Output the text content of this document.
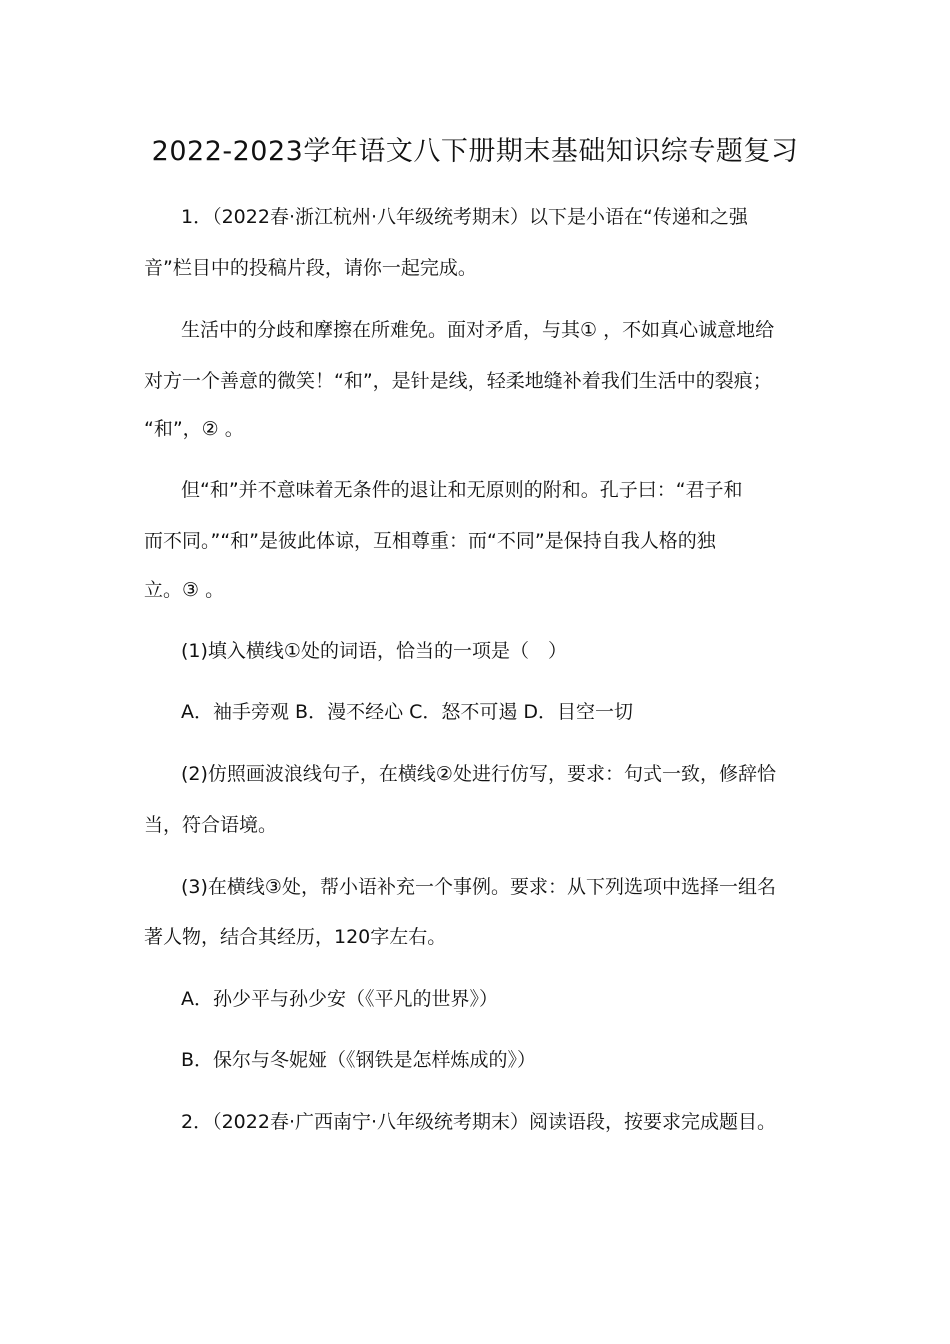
2022-2023学年语文八下册期末基础知识综专题复习
1．（2022春·浙江杭州·八年级统考期末）以下是小语在“传递和之强
音”栏目中的投稿片段，请你一起完成。
生活中的分歧和摩擦在所难免。面对矛盾，与其① ，不如真心诚意地给
对方一个善意的微笑！“和”，是针是线，轻柔地缝补着我们生活中的裂痕；
“和”，② 。
但“和”并不意味着无条件的退让和无原则的附和。孔子曰：“君子和
而不同。”“和”是彼此体谅，互相尊重：而“不同”是保持自我人格的独
立。③ 。
(1)填入横线①处的词语，恰当的一项是（　）
A．袖手旁观 B．漫不经心 C．怒不可遏 D．目空一切
(2)仿照画波浪线句子，在横线②处进行仿写，要求：句式一致，修辞恰
当，符合语境。
(3)在横线③处，帮小语补充一个事例。要求：从下列选项中选择一组名
著人物，结合其经历，120字左右。
A．孙少平与孙少安（《平凡的世界》）
B．保尔与冬妮娅（《钢铁是怎样炼成的》）
2．（2022春·广西南宁·八年级统考期末）阅读语段，按要求完成题目。
